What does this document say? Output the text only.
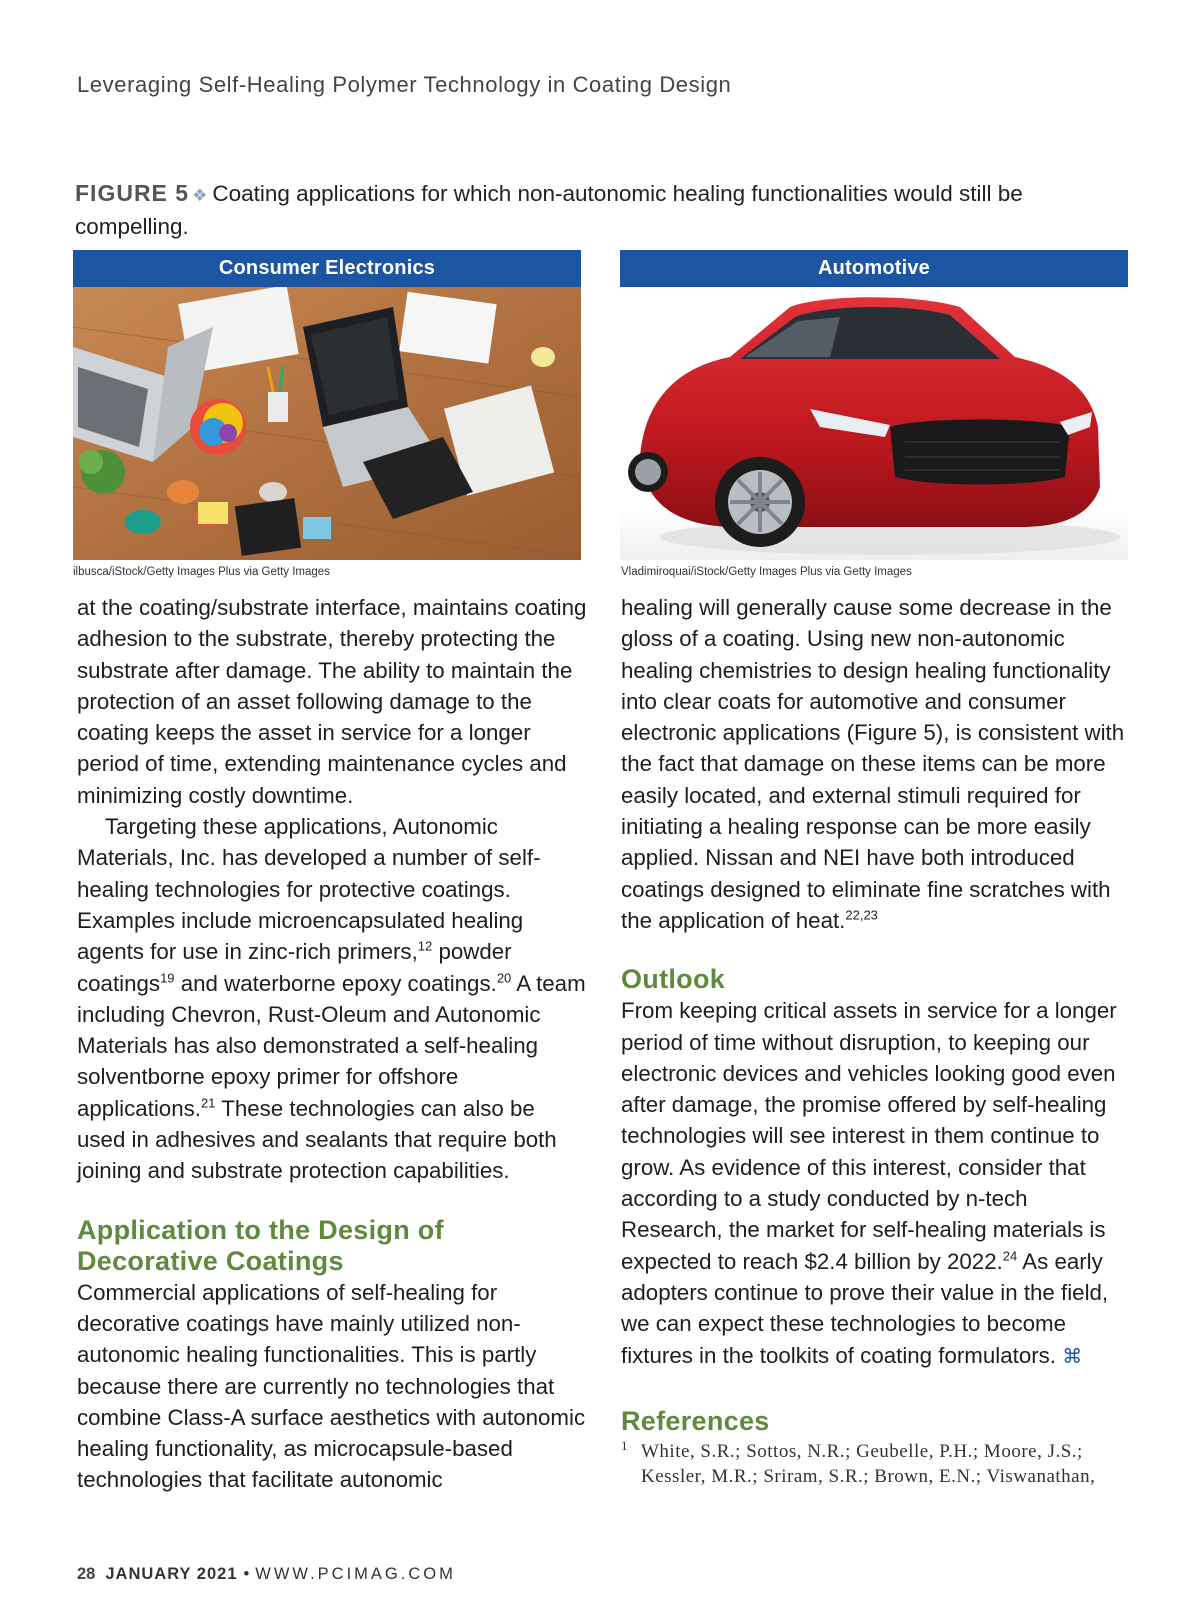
Leveraging Self-Healing Polymer Technology in Coating Design
FIGURE 5 ❖ Coating applications for which non-autonomic healing functionalities would still be compelling.
Consumer Electronics
ilbusca/iStock/Getty Images Plus via Getty Images
Automotive
Vladimiroquai/iStock/Getty Images Plus via Getty Images

at the coating/substrate interface, maintains coating adhesion to the substrate, thereby protecting the substrate after damage. The ability to maintain the protection of an asset following damage to the coating keeps the asset in service for a longer period of time, extending maintenance cycles and minimizing costly downtime.

Targeting these applications, Autonomic Materials, Inc. has developed a number of self-healing technologies for protective coatings. Examples include microencapsulated healing agents for use in zinc-rich primers,$^{12}$ powder coatings$^{19}$ and waterborne epoxy coatings.$^{20}$ A team including Chevron, Rust-Oleum and Autonomic Materials has also demonstrated a self-healing solventborne epoxy primer for offshore applications.$^{21}$ These technologies can also be used in adhesives and sealants that require both joining and substrate protection capabilities.

Application to the Design of Decorative Coatings

Commercial applications of self-healing for decorative coatings have mainly utilized non-autonomic healing functionalities. This is partly because there are currently no technologies that combine Class-A surface aesthetics with autonomic healing functionality, as microcapsule-based technologies that facilitate autonomic

healing will generally cause some decrease in the gloss of a coating. Using new non-autonomic healing chemistries to design healing functionality into clear coats for automotive and consumer electronic applications (Figure 5), is consistent with the fact that damage on these items can be more easily located, and external stimuli required for initiating a healing response can be more easily applied. Nissan and NEI have both introduced coatings designed to eliminate fine scratches with the application of heat.$^{22,23}$

Outlook

From keeping critical assets in service for a longer period of time without disruption, to keeping our electronic devices and vehicles looking good even after damage, the promise offered by self-healing technologies will see interest in them continue to grow. As evidence of this interest, consider that according to a study conducted by n-tech Research, the market for self-healing materials is expected to reach $2.4 billion by 2022.24 As early adopters continue to prove their value in the field, we can expect these technologies to become fixtures in the toolkits of coating formulators. ⌘

References
1 White, S.R.; Sottos, N.R.; Geubelle, P.H.; Moore, J.S.; Kessler, M.R.; Sriram, S.R.; Brown, E.N.; Viswanathan,
28 JANUARY 2021 • WWW.PCIMAG.COM
